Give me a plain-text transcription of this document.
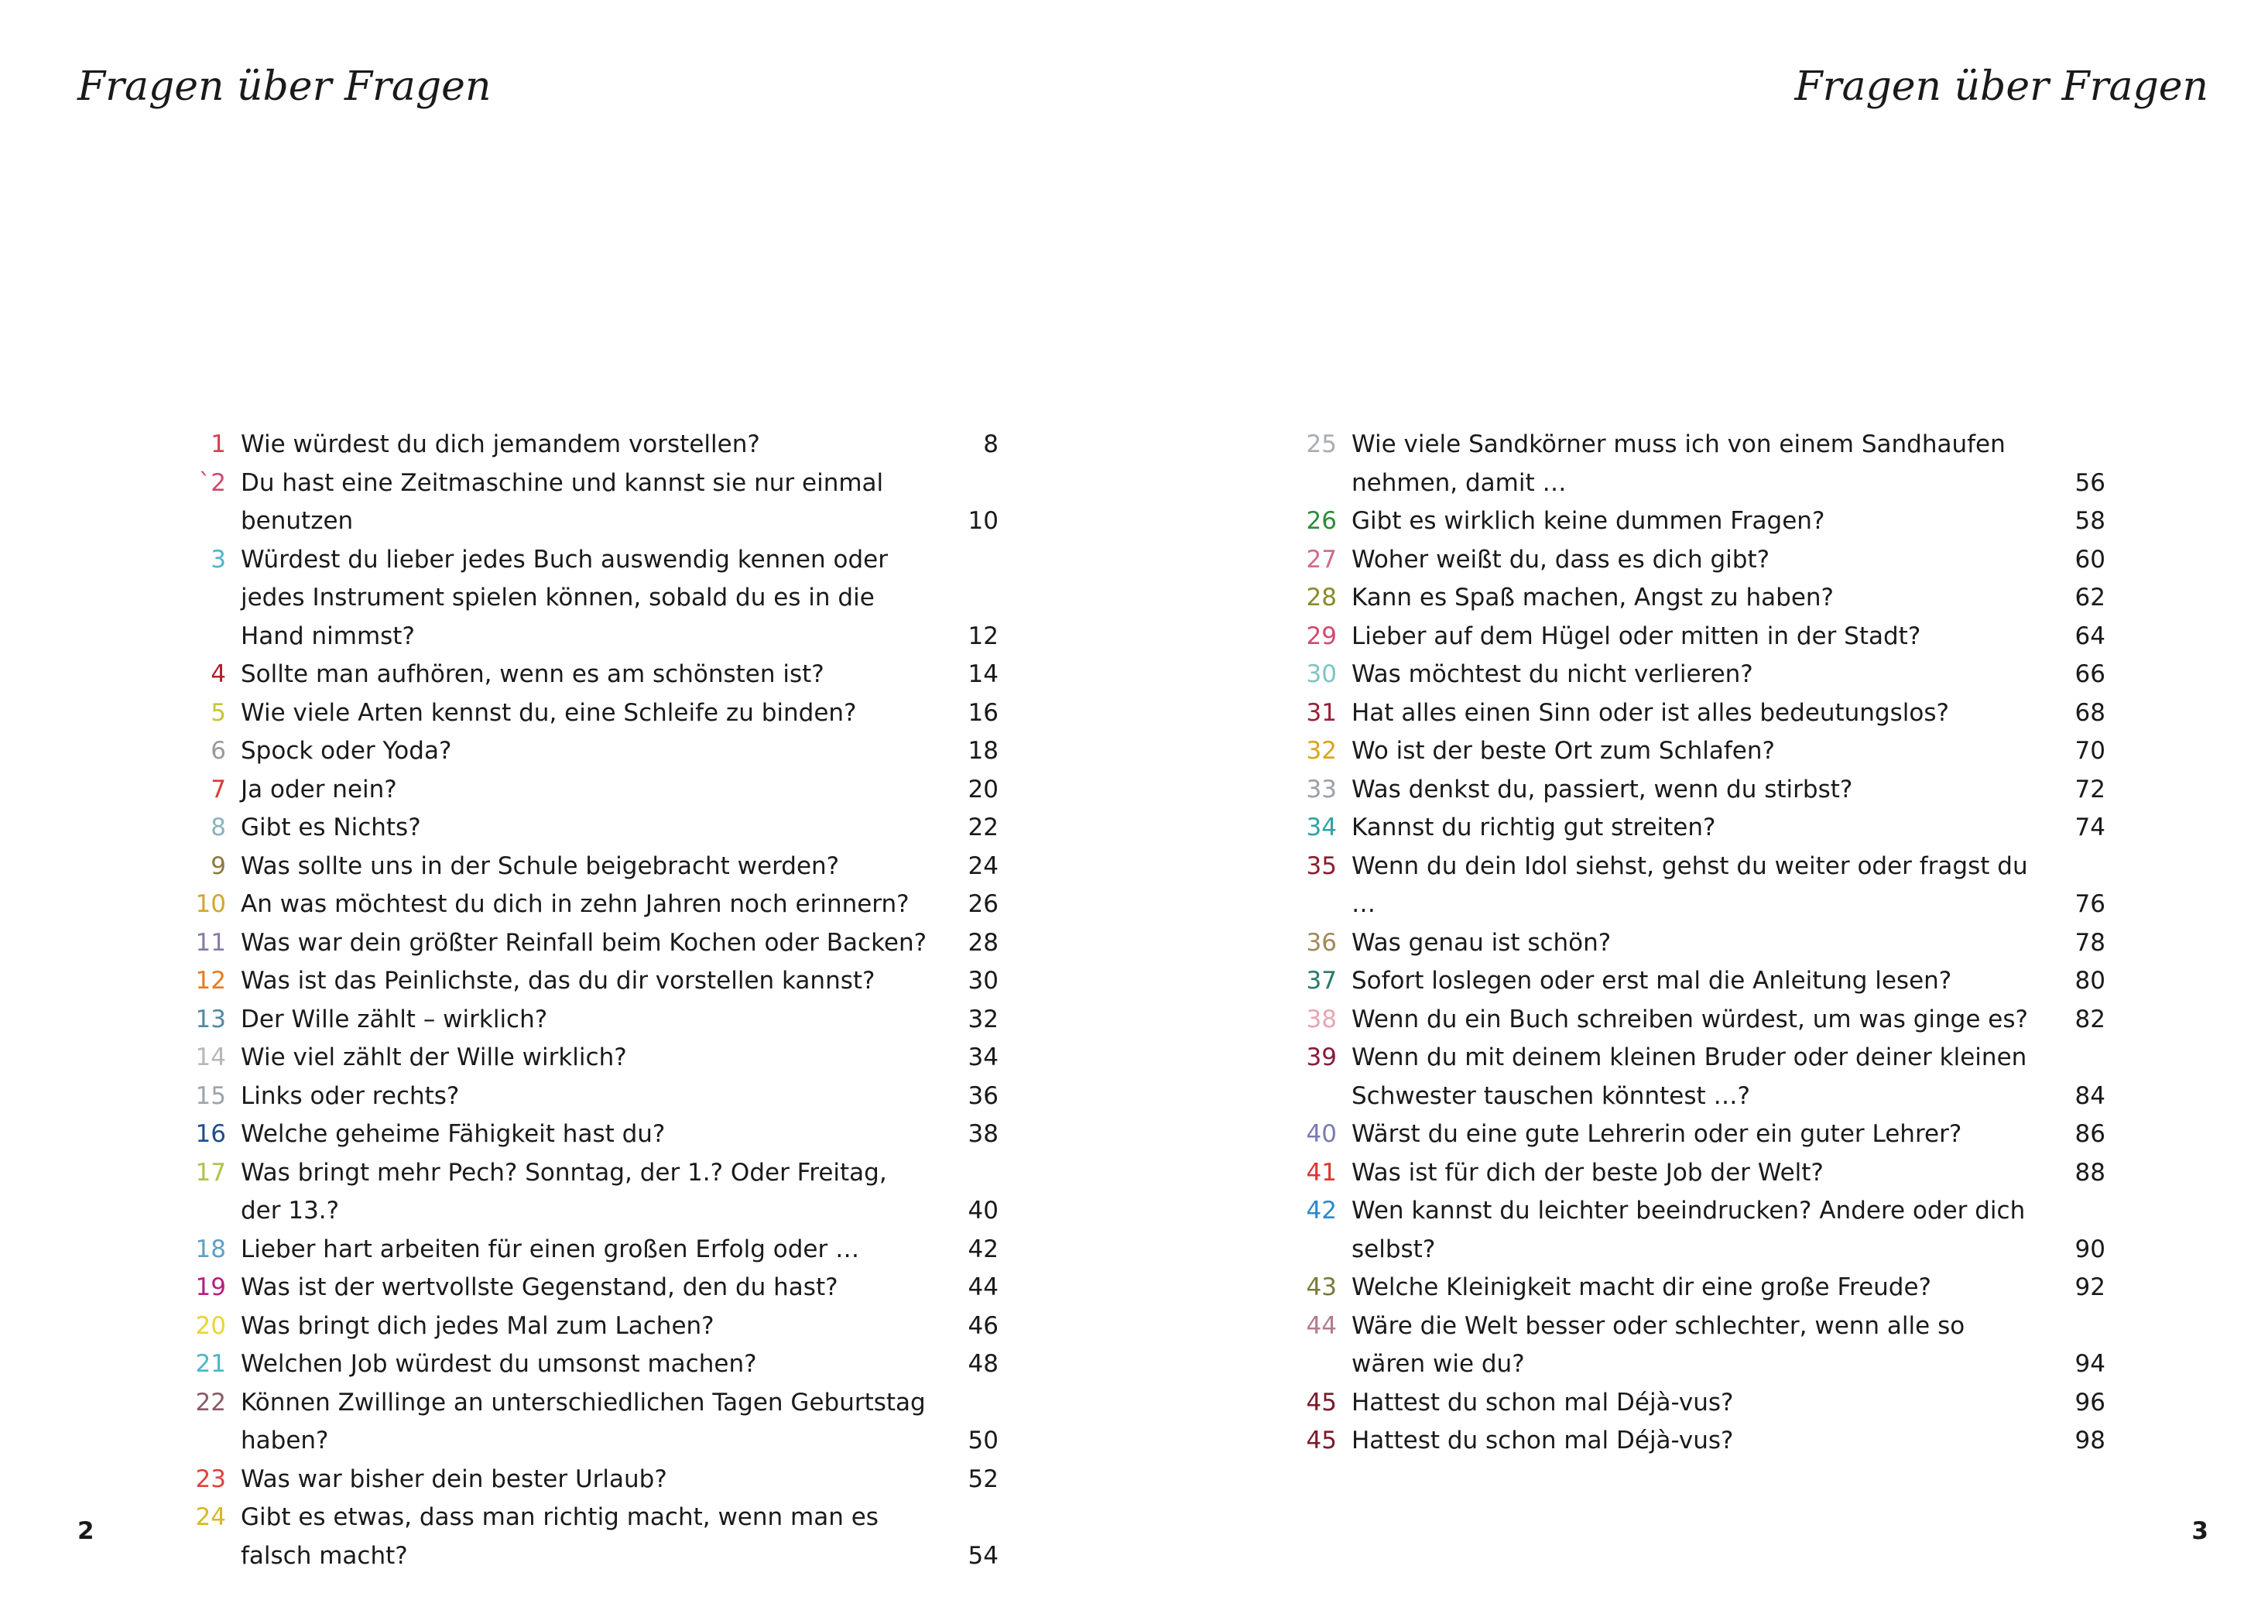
Fragen über Fragen
1 Wie würdest du dich jemandem vorstellen?	8
`2 Du hast eine Zeitmaschine und kannst sie nur einmal benutzen	10
3 Würdest du lieber jedes Buch auswendig kennen oder jedes Instrument spielen können, sobald du es in die Hand nimmst?	12
4 Sollte man aufhören, wenn es am schönsten ist?	14
5 Wie viele Arten kennst du, eine Schleife zu binden?	16
6 Spock oder Yoda?	18
7 Ja oder nein?	20
8 Gibt es Nichts?	22
9 Was sollte uns in der Schule beigebracht werden?	24
10 An was möchtest du dich in zehn Jahren noch erinnern?	26
11 Was war dein größter Reinfall beim Kochen oder Backen?	28
12 Was ist das Peinlichste, das du dir vorstellen kannst?	30
13 Der Wille zählt – wirklich?	32
14 Wie viel zählt der Wille wirklich?	34
15 Links oder rechts?	36
16 Welche geheime Fähigkeit hast du?	38
17 Was bringt mehr Pech? Sonntag, der 1.? Oder Freitag, der 13.?	40
18 Lieber hart arbeiten für einen großen Erfolg oder …	42
19 Was ist der wertvollste Gegenstand, den du hast?	44
20 Was bringt dich jedes Mal zum Lachen?	46
21 Welchen Job würdest du umsonst machen?	48
22 Können Zwillinge an unterschiedlichen Tagen Geburtstag haben?	50
23 Was war bisher dein bester Urlaub?	52
24 Gibt es etwas, dass man richtig macht, wenn man es falsch macht?	54
2
Fragen über Fragen
25 Wie viele Sandkörner muss ich von einem Sandhaufen nehmen, damit …	56
26 Gibt es wirklich keine dummen Fragen?	58
27 Woher weißt du, dass es dich gibt?	60
28 Kann es Spaß machen, Angst zu haben?	62
29 Lieber auf dem Hügel oder mitten in der Stadt?	64
30 Was möchtest du nicht verlieren?	66
31 Hat alles einen Sinn oder ist alles bedeutungslos?	68
32 Wo ist der beste Ort zum Schlafen?	70
33 Was denkst du, passiert, wenn du stirbst?	72
34 Kannst du richtig gut streiten?	74
35 Wenn du dein Idol siehst, gehst du weiter oder fragst du …	76
36 Was genau ist schön?	78
37 Sofort loslegen oder erst mal die Anleitung lesen?	80
38 Wenn du ein Buch schreiben würdest, um was ginge es?	82
39 Wenn du mit deinem kleinen Bruder oder deiner kleinen Schwester tauschen könntest …?	84
40 Wärst du eine gute Lehrerin oder ein guter Lehrer?	86
41 Was ist für dich der beste Job der Welt?	88
42 Wen kannst du leichter beeindrucken? Andere oder dich selbst?	90
43 Welche Kleinigkeit macht dir eine große Freude?	92
44 Wäre die Welt besser oder schlechter, wenn alle so wären wie du?	94
45 Hattest du schon mal Déjà-vus?	96
45 Hattest du schon mal Déjà-vus?	98
3
